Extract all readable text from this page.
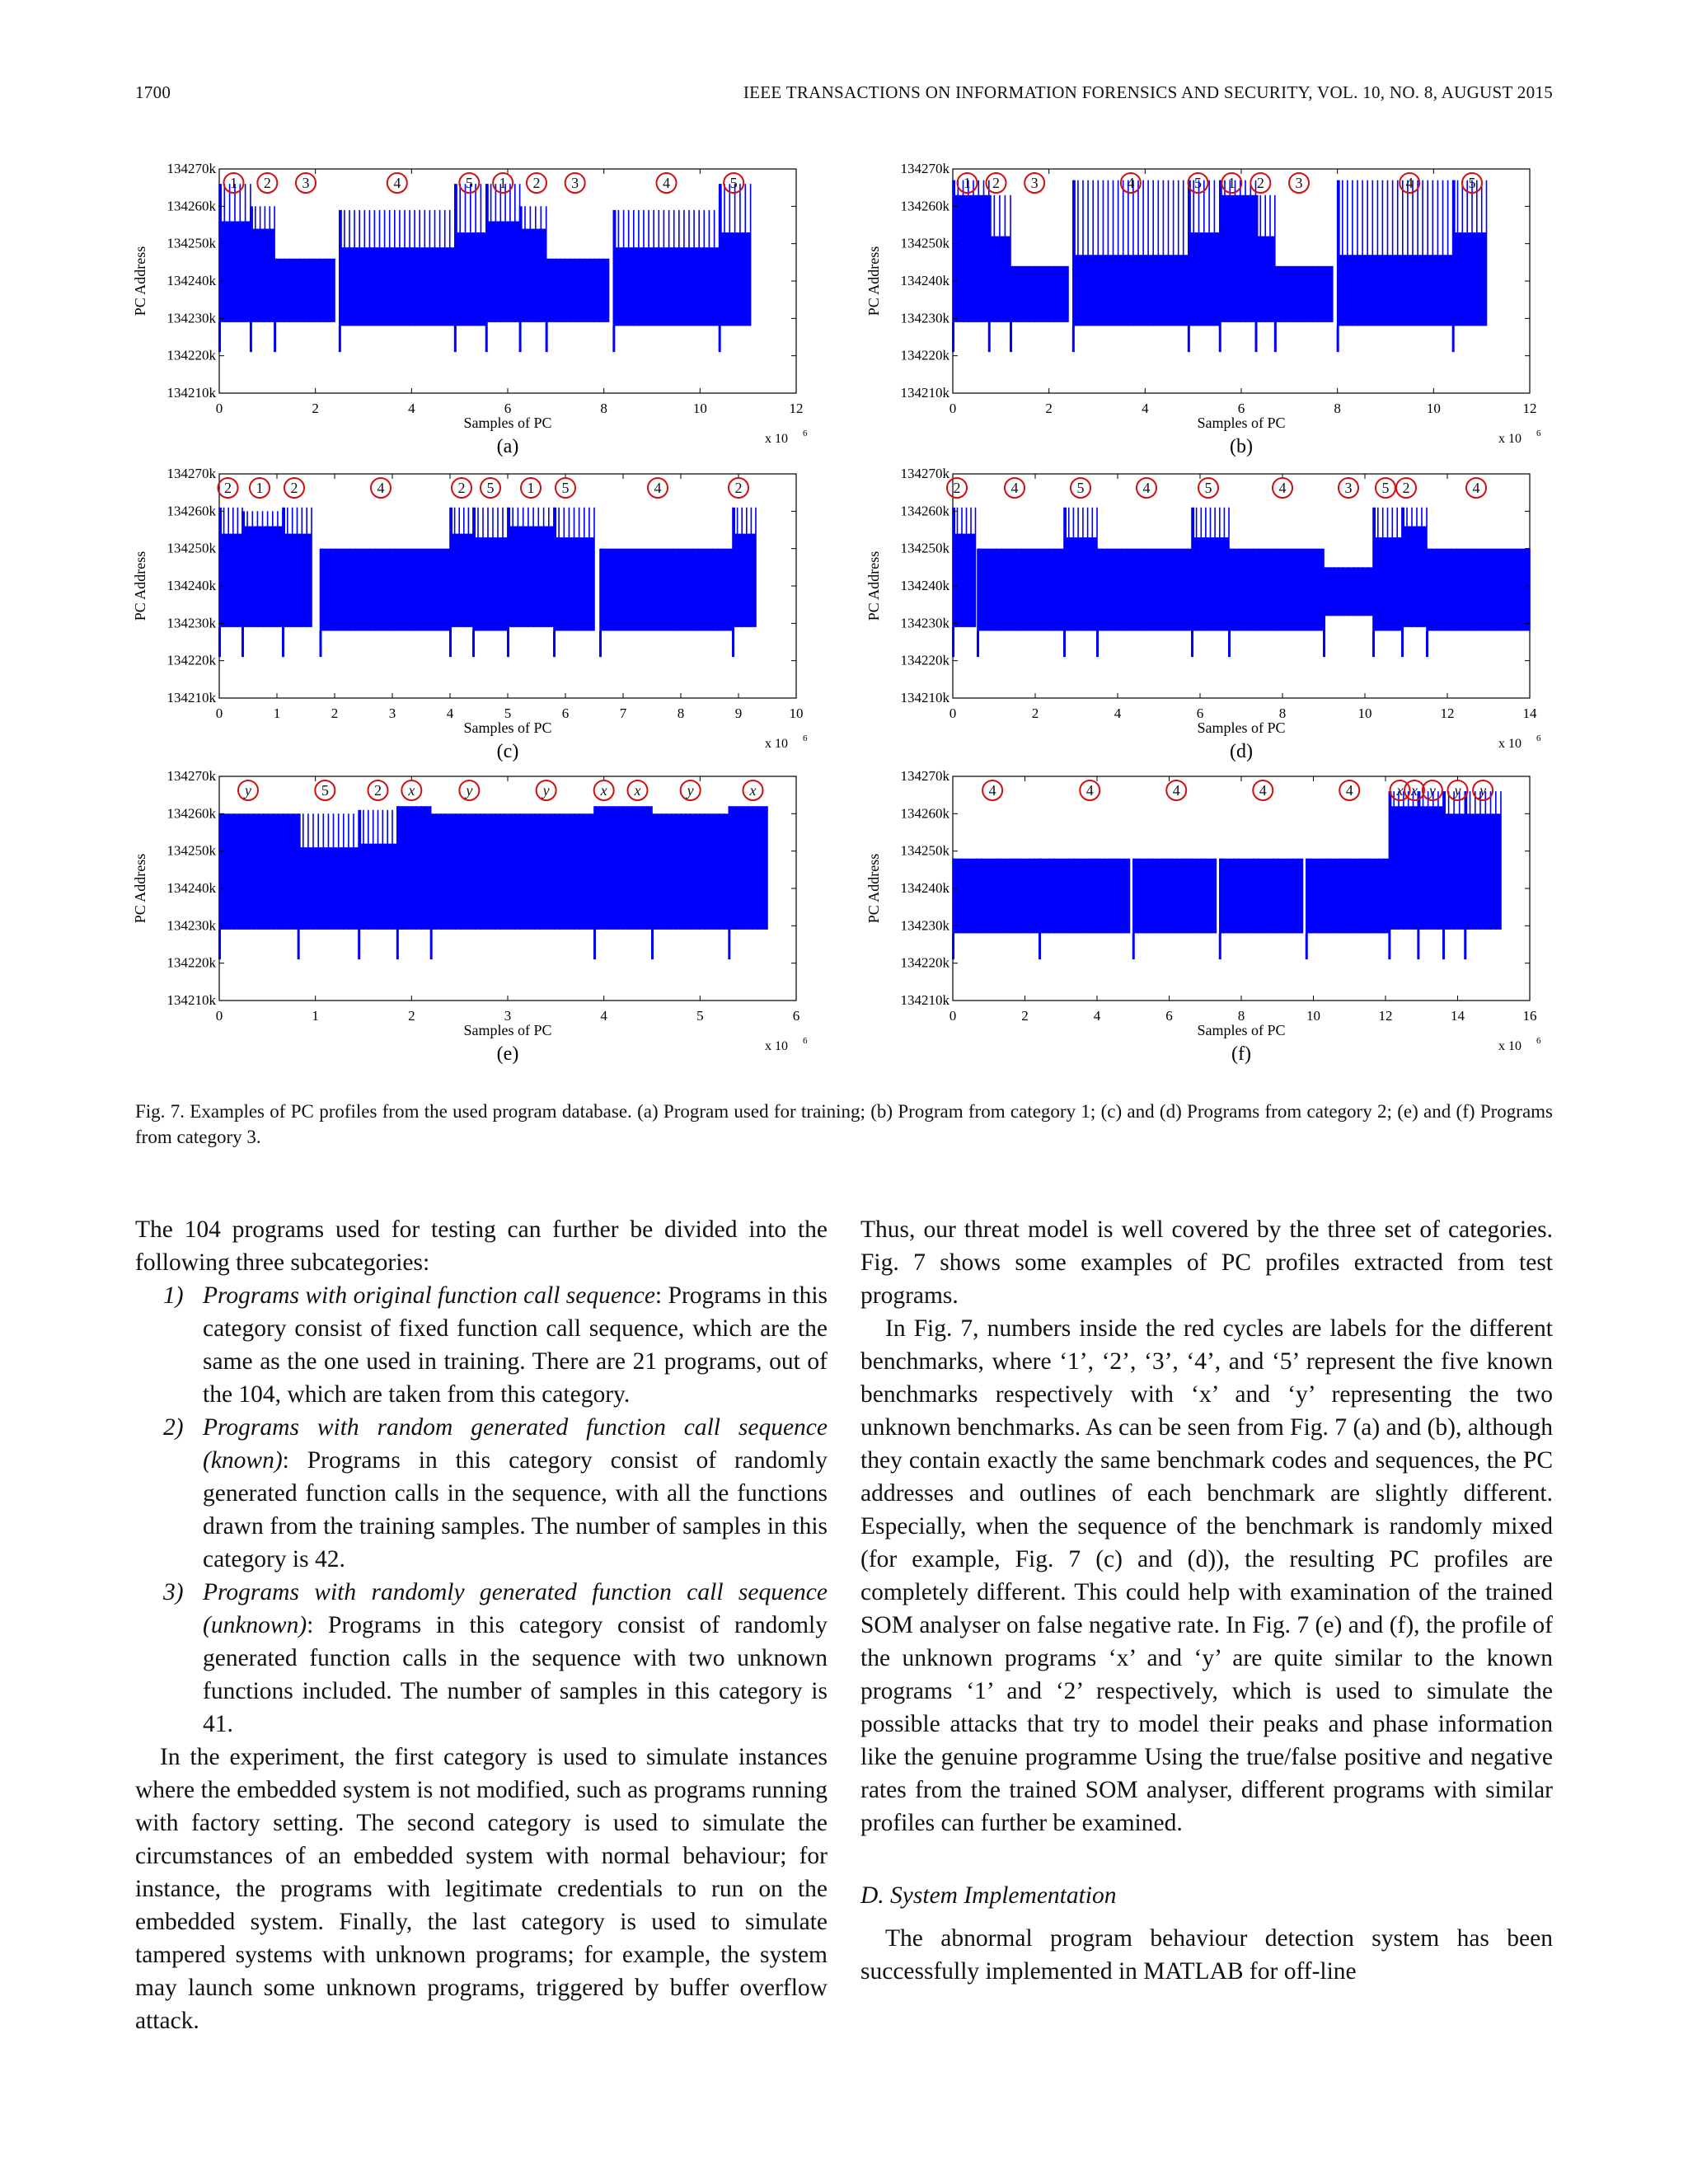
1700	IEEE TRANSACTIONS ON INFORMATION FORENSICS AND SECURITY, VOL. 10, NO. 8, AUGUST 2015
134210k
134220k
134230k
134240k
134250k
134260k
134270k
0	2	4	6	8	10	12
PC Address
Samples of PC
x 10 6
(a)
1 2 3	4	5 1 2 3	4	5
134210k
134220k
134230k
134240k
134250k
134260k
134270k
0	2	4	6	8	10	12
PC Address
Samples of PC
x 10 6
(b)
1 2 3	4	5 1 2 3	4	5
134210k
134220k
134230k
134240k
134250k
134260k
134270k
0	1	2	3	4	5	6	7	8	9	10
PC Address
Samples of PC
x 10 6
(c)
2 1 2	4	2 5 1 5	4	2
134210k
134220k
134230k
134240k
134250k
134260k
134270k
0	2	4	6	8	10	12	14
PC Address
Samples of PC
x 10 6
(d)
2	4	5	4	5	4	3 5 2	4
134210k
134220k
134230k
134240k
134250k
134260k
134270k
0	1	2	3	4	5	6
PC Address
Samples of PC
x 10 6
(e)
y	5	2 x	y	y	x x	y	x
134210k
134220k
134230k
134240k
134250k
134260k
134270k
0	2	4	6	8	10	12	14	16
PC Address
Samples of PC
x 10 6
(f)
4	4	4	4	4	x x y y y
Fig. 7. Examples of PC profiles from the used program database. (a) Program used for training; (b) Program from category 1; (c) and (d) Programs from category 2; (e) and (f) Programs from category 3.

The 104 programs used for testing can further be divided into the following three subcategories:

1) Programs with original function call sequence: Programs in this category consist of fixed function call sequence, which are the same as the one used in training. There are 21 programs, out of the 104, which are taken from this category.
2) Programs with random generated function call sequence (known): Programs in this category consist of randomly generated function calls in the sequence, with all the functions drawn from the training samples. The number of samples in this category is 42.
3) Programs with randomly generated function call sequence (unknown): Programs in this category consist of randomly generated function calls in the sequence with two unknown functions included. The number of samples in this category is 41.

In the experiment, the first category is used to simulate instances where the embedded system is not modified, such as programs running with factory setting. The second category is used to simulate the circumstances of an embedded system with normal behaviour; for instance, the programs with legitimate credentials to run on the embedded system. Finally, the last category is used to simulate tampered systems with unknown programs; for example, the system may launch some unknown programs, triggered by buffer overflow attack.

Thus, our threat model is well covered by the three set of categories. Fig. 7 shows some examples of PC profiles extracted from test programs.

In Fig. 7, numbers inside the red cycles are labels for the different benchmarks, where ‘1’, ‘2’, ‘3’, ‘4’, and ‘5’ represent the five known benchmarks respectively with ‘x’ and ‘y’ representing the two unknown benchmarks. As can be seen from Fig. 7 (a) and (b), although they contain exactly the same benchmark codes and sequences, the PC addresses and outlines of each benchmark are slightly different. Especially, when the sequence of the benchmark is randomly mixed (for example, Fig. 7 (c) and (d)), the resulting PC profiles are completely different. This could help with examination of the trained SOM analyser on false negative rate. In Fig. 7 (e) and (f), the profile of the unknown programs ‘x’ and ‘y’ are quite similar to the known programs ‘1’ and ‘2’ respectively, which is used to simulate the possible attacks that try to model their peaks and phase information like the genuine programme Using the true/false positive and negative rates from the trained SOM analyser, different programs with similar profiles can further be examined.

D. System Implementation

The abnormal program behaviour detection system has been successfully implemented in MATLAB for off-line
